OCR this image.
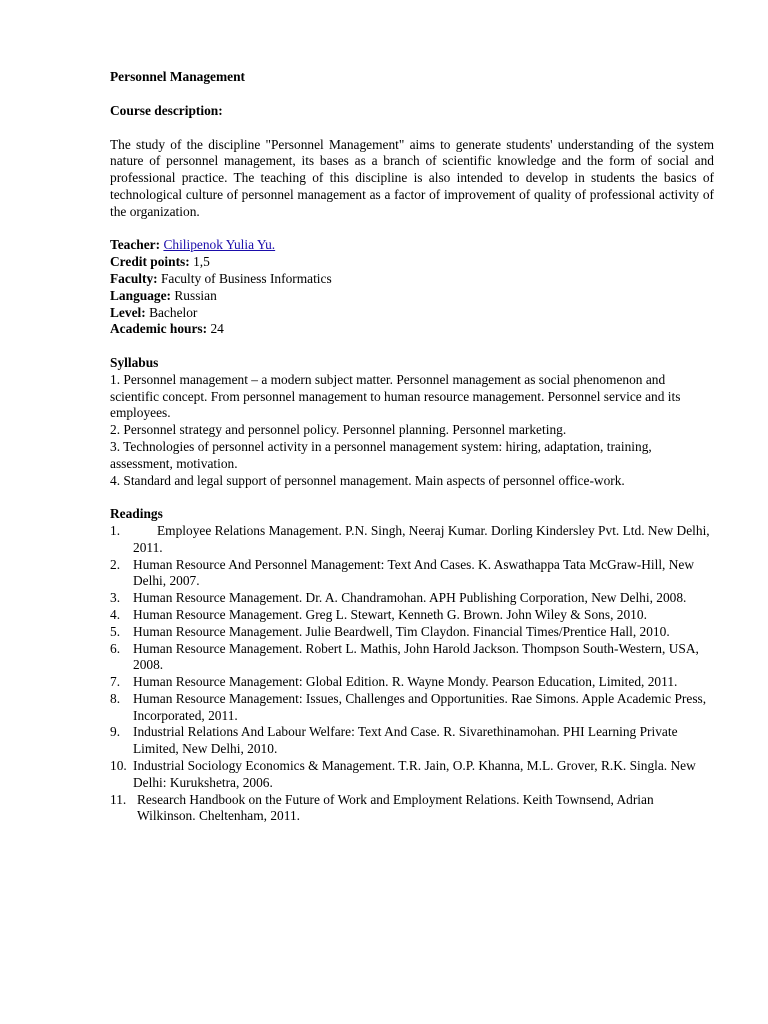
Personnel Management

Course description:

The study of the discipline "Personnel Management" aims to generate students' understanding of the system nature of personnel management, its bases as a branch of scientific knowledge and the form of social and professional practice. The teaching of this discipline is also intended to develop in students the basics of technological culture of personnel management as a factor of improvement of quality of professional activity of the organization.

Teacher: Chilipenok Yulia Yu.

Credit points: 1,5

Faculty: Faculty of Business Informatics

Language: Russian

Level: Bachelor

Academic hours: 24

Syllabus

1. Personnel management – a modern subject matter. Personnel management as social phenomenon and scientific concept. From personnel management to human resource management. Personnel service and its employees.

2. Personnel strategy and personnel policy. Personnel planning. Personnel marketing.

3. Technologies of personnel activity in a personnel management system: hiring, adaptation, training, assessment, motivation.

4. Standard and legal support of personnel management. Main aspects of personnel office-work.

Readings

1.	Employee Relations Management. P.N. Singh, Neeraj Kumar. Dorling Kindersley Pvt. Ltd. New Delhi, 2011.
2. Human Resource And Personnel Management: Text And Cases. K. Aswathappa Tata McGraw-Hill, New Delhi, 2007.
3. Human Resource Management. Dr. A. Chandramohan. APH Publishing Corporation, New Delhi, 2008.
4. Human Resource Management. Greg L. Stewart, Kenneth G. Brown. John Wiley & Sons, 2010.
5. Human Resource Management. Julie Beardwell, Tim Claydon. Financial Times/Prentice Hall, 2010.
6. Human Resource Management. Robert L. Mathis, John Harold Jackson. Thompson South-Western, USA, 2008.
7. Human Resource Management: Global Edition. R. Wayne Mondy. Pearson Education, Limited, 2011.
8. Human Resource Management: Issues, Challenges and Opportunities. Rae Simons. Apple Academic Press, Incorporated, 2011.
9. Industrial Relations And Labour Welfare: Text And Case. R. Sivarethinamohan. PHI Learning Private Limited, New Delhi, 2010.
10. Industrial Sociology Economics & Management. T.R. Jain, O.P. Khanna, M.L. Grover, R.K. Singla. New Delhi: Kurukshetra, 2006.
11. Research Handbook on the Future of Work and Employment Relations. Keith Townsend, Adrian Wilkinson. Cheltenham, 2011.
